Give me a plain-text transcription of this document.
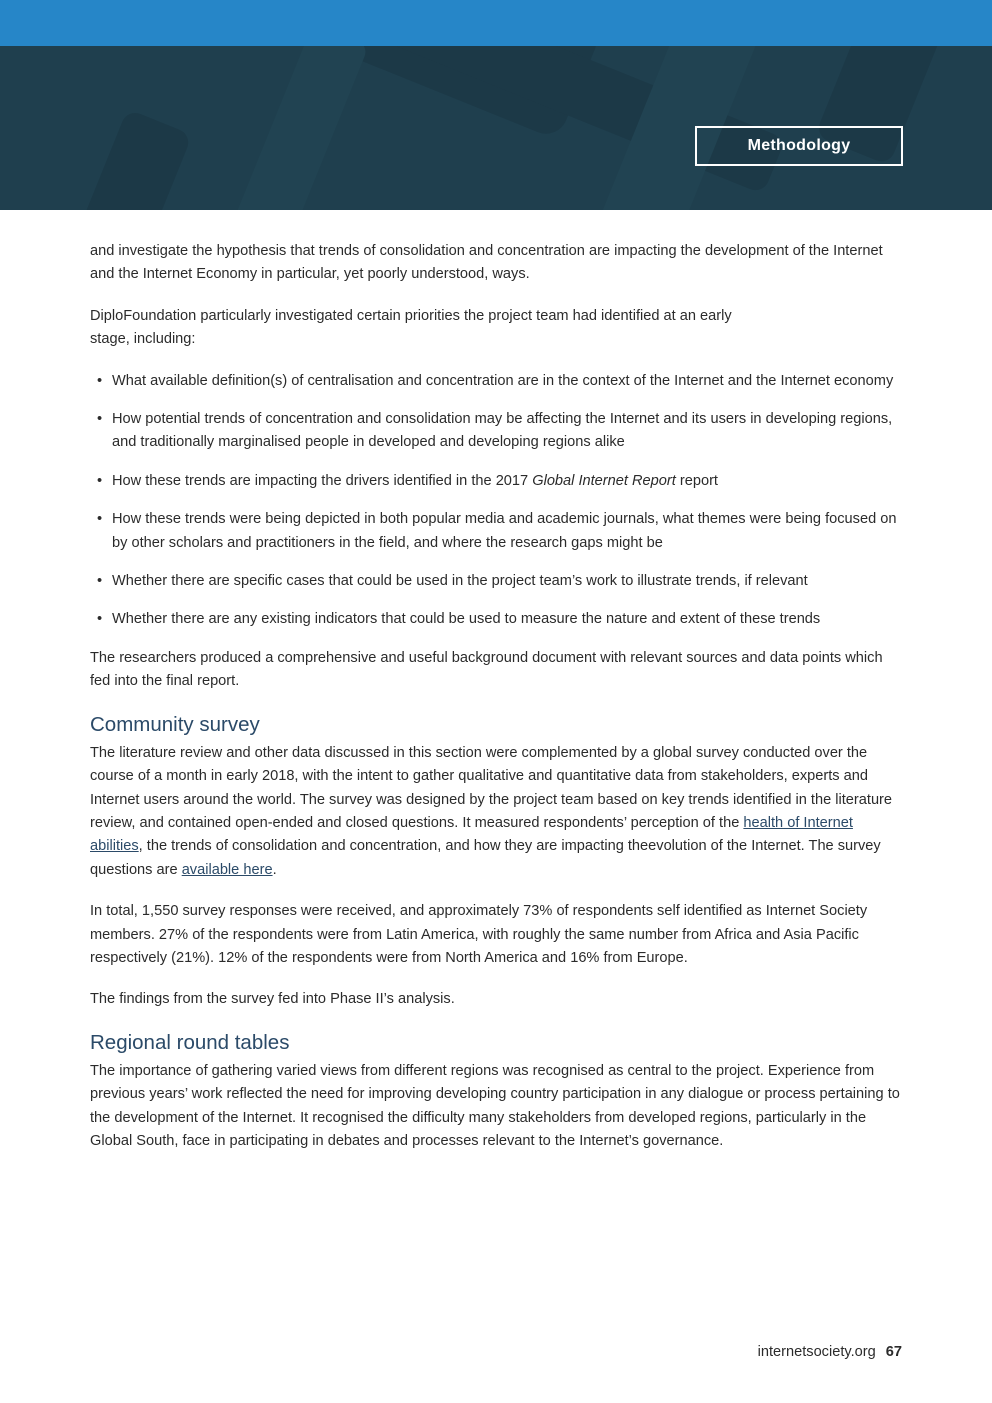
Methodology

and investigate the hypothesis that trends of consolidation and concentration are impacting the development of the Internet and the Internet Economy in particular, yet poorly understood, ways.

DiploFoundation particularly investigated certain priorities the project team had identified at an early
stage, including:

• What available definition(s) of centralisation and concentration are in the context of the Internet and the Internet economy
• How potential trends of concentration and consolidation may be affecting the Internet and its users in developing regions, and traditionally marginalised people in developed and developing regions alike
• How these trends are impacting the drivers identified in the 2017 Global Internet Report report
• How these trends were being depicted in both popular media and academic journals, what themes were being focused on by other scholars and practitioners in the field, and where the research gaps might be
• Whether there are specific cases that could be used in the project team’s work to illustrate trends, if relevant
• Whether there are any existing indicators that could be used to measure the nature and extent of these trends

The researchers produced a comprehensive and useful background document with relevant sources and data points which fed into the final report.

Community survey

The literature review and other data discussed in this section were complemented by a global survey conducted over the course of a month in early 2018, with the intent to gather qualitative and quantitative data from stakeholders, experts and Internet users around the world. The survey was designed by the project team based on key trends identified in the literature review, and contained open-ended and closed questions. It measured respondents’ perception of the health of Internet abilities, the trends of consolidation and concentration, and how they are impacting theevolution of the Internet. The survey questions are available here.

In total, 1,550 survey responses were received, and approximately 73% of respondents self identified as Internet Society members. 27% of the respondents were from Latin America, with roughly the same number from Africa and Asia Pacific respectively (21%). 12% of the respondents were from North America and 16% from Europe.

The findings from the survey fed into Phase II’s analysis.

Regional round tables

The importance of gathering varied views from different regions was recognised as central to the project. Experience from previous years’ work reflected the need for improving developing country participation in any dialogue or process pertaining to the development of the Internet. It recognised the difficulty many stakeholders from developed regions, particularly in the Global South, face in participating in debates and processes relevant to the Internet’s governance.

internetsociety.org 67
